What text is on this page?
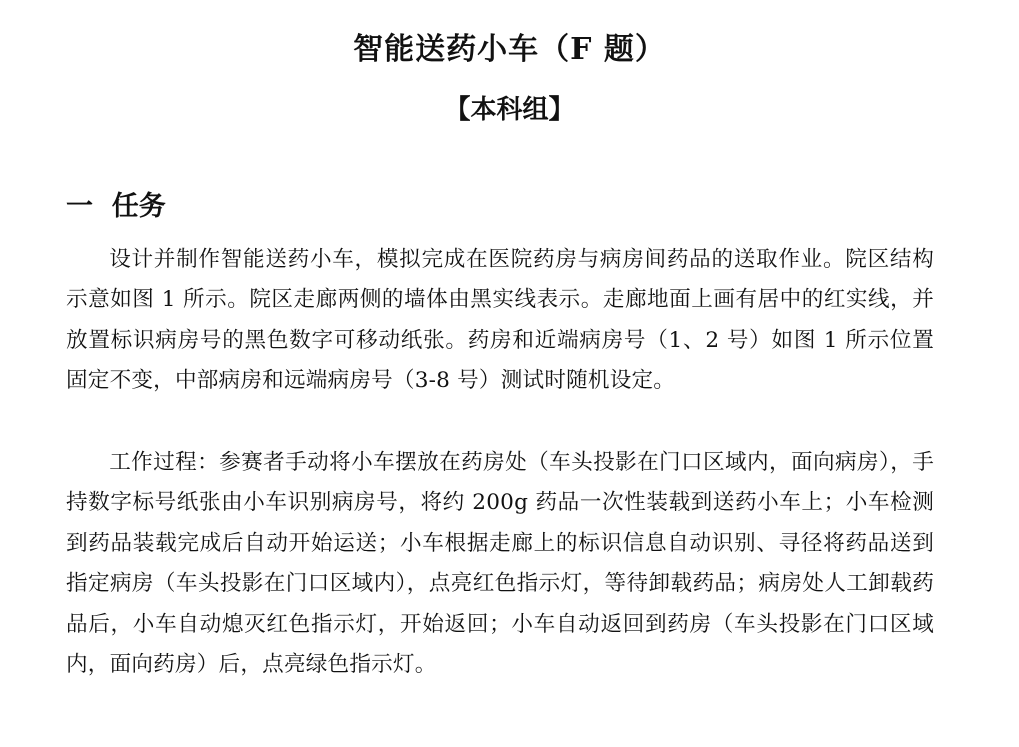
智能送药小车（F 题）
【本科组】
一  任务

设计并制作智能送药小车，模拟完成在医院药房与病房间药品的送取作业。院区结构示意如图 1 所示。院区走廊两侧的墙体由黑实线表示。走廊地面上画有居中的红实线，并放置标识病房号的黑色数字可移动纸张。药房和近端病房号（1、2 号）如图 1 所示位置固定不变，中部病房和远端病房号（3-8 号）测试时随机设定。

工作过程：参赛者手动将小车摆放在药房处（车头投影在门口区域内，面向病房），手持数字标号纸张由小车识别病房号，将约 200g 药品一次性装载到送药小车上；小车检测到药品装载完成后自动开始运送；小车根据走廊上的标识信息自动识别、寻径将药品送到指定病房（车头投影在门口区域内），点亮红色指示灯，等待卸载药品；病房处人工卸载药品后，小车自动熄灭红色指示灯，开始返回；小车自动返回到药房（车头投影在门口区域内，面向药房）后，点亮绿色指示灯。
